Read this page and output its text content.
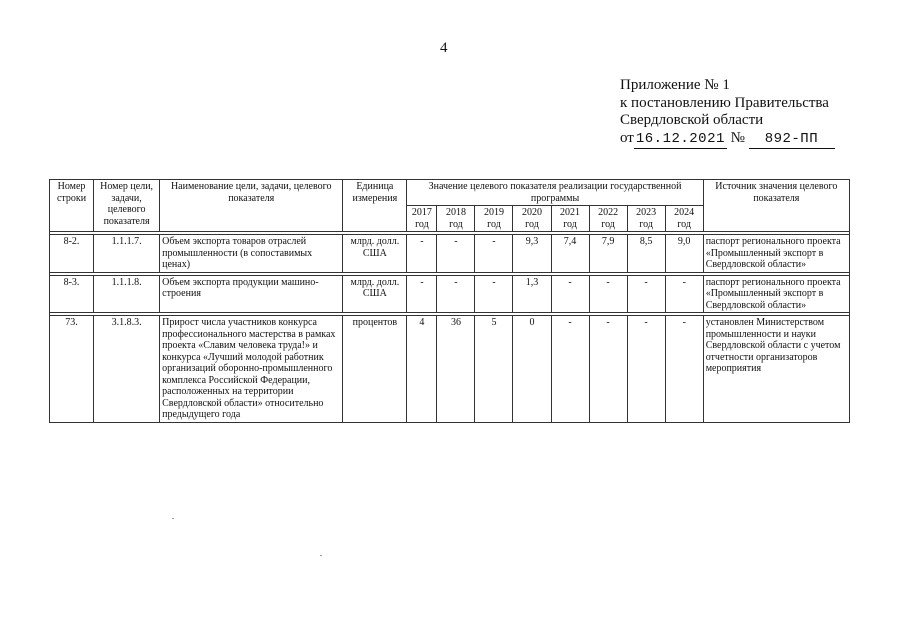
4
Приложение № 1
к постановлению Правительства
Свердловской области
от 16.12.2021 № 892-ПП
Номер строки	Номер цели, задачи, целевого показателя	Наименование цели, задачи, целевого показателя	Единица измерения	Значение целевого показателя реализации государственной программы								Источник значения целевого показателя
				2017 год	2018 год	2019 год	2020 год	2021 год	2022 год	2023 год	2024 год	

8-2.	1.1.1.7.	Объем экспорта товаров отраслей промышленности (в сопоставимых ценах)	млрд. долл. США	-	-	-	9,3	7,4	7,9	8,5	9,0	паспорт регионального проекта «Промышленный экспорт в Свердловской области»

8-3.	1.1.1.8.	Объем экспорта продукции машино-строения	млрд. долл. США	-	-	-	1,3	-	-	-	-	паспорт регионального проекта «Промышленный экспорт в Свердловской области»

73.	3.1.8.3.	Прирост числа участников конкурса профессионального мастерства в рамках проекта «Славим человека труда!» и конкурса «Лучший молодой работник организаций оборонно-промышленного комплекса Российской Федерации, расположенных на территории Свердловской области» относительно предыдущего года	процентов	4	36	5	0	-	-	-	-	установлен Министерством промышленности и науки Свердловской области с учетом отчетности организаторов мероприятия
